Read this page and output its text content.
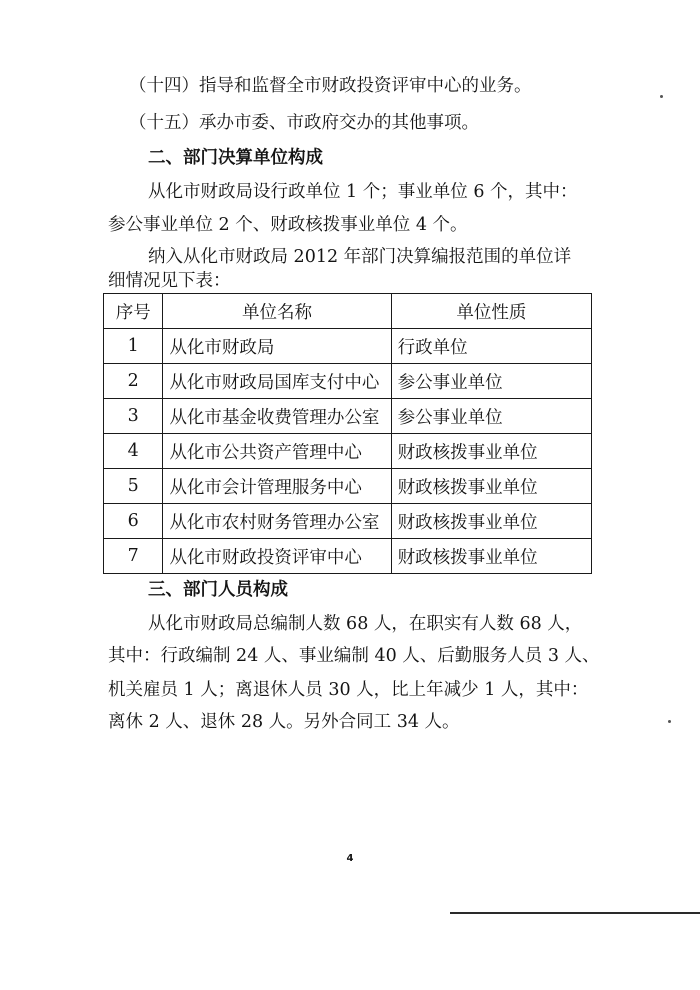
（十四）指导和监督全市财政投资评审中心的业务。
（十五）承办市委、市政府交办的其他事项。
二、部门决算单位构成
从化市财政局设行政单位 1 个；事业单位 6 个，其中：
参公事业单位 2 个、财政核拨事业单位 4 个。
纳入从化市财政局 2012 年部门决算编报范围的单位详
细情况见下表：
序号	单位名称	单位性质
1	从化市财政局	行政单位
2	从化市财政局国库支付中心	参公事业单位
3	从化市基金收费管理办公室	参公事业单位
4	从化市公共资产管理中心	财政核拨事业单位
5	从化市会计管理服务中心	财政核拨事业单位
6	从化市农村财务管理办公室	财政核拨事业单位
7	从化市财政投资评审中心	财政核拨事业单位
三、部门人员构成
从化市财政局总编制人数 68 人，在职实有人数 68 人，
其中：行政编制 24 人、事业编制 40 人、后勤服务人员 3 人、
机关雇员 1 人；离退休人员 30 人，比上年减少 1 人，其中：
离休 2 人、退休 28 人。另外合同工 34 人。
4
